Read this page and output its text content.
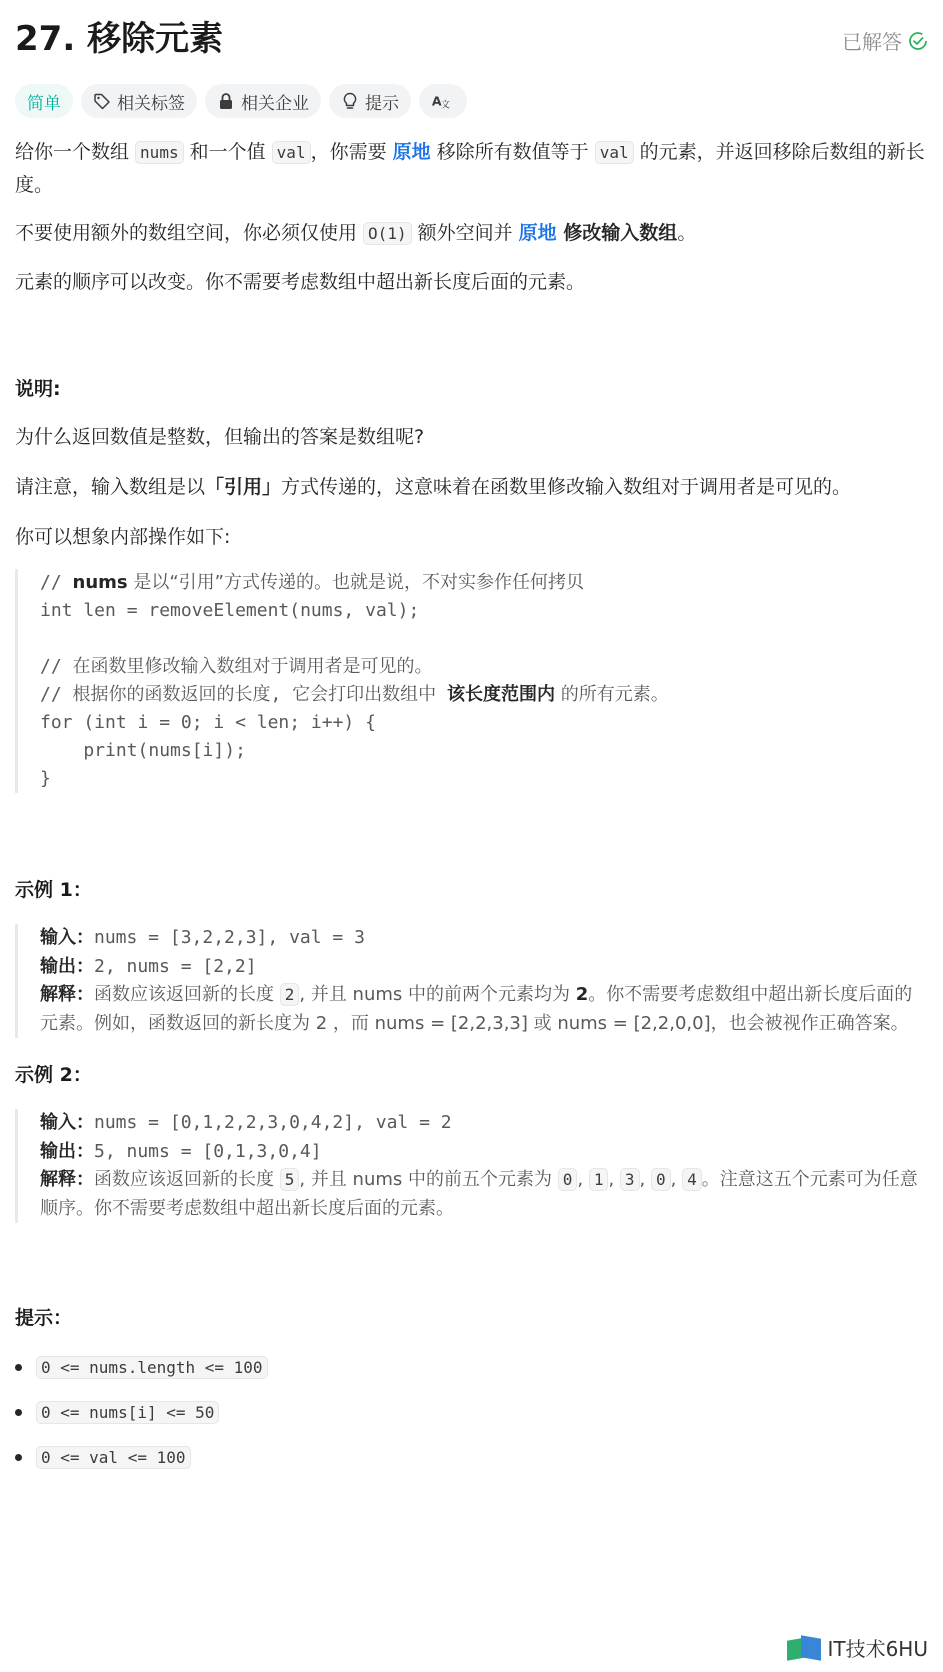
27. 移除元素	已解答
简单	相关标签	相关企业	提示 A 文
给你一个数组 nums 和一个值 val ，你需要 原地 移除所有数值等于 val 的元素，并返回移除后数组的新长度。
不要使用额外的数组空间，你必须仅使用 O(1) 额外空间并 原地 修改输入数组。
元素的顺序可以改变。你不需要考虑数组中超出新长度后面的元素。
说明:
为什么返回数值是整数，但输出的答案是数组呢?
请注意，输入数组是以「引用」方式传递的，这意味着在函数里修改输入数组对于调用者是可见的。
你可以想象内部操作如下:
// nums 是以“引用”方式传递的。也就是说，不对实参作任何拷贝
int len = removeElement(nums, val);

// 在函数里修改输入数组对于调用者是可见的。
// 根据你的函数返回的长度, 它会打印出数组中 该长度范围内 的所有元素。
for (int i = 0; i < len; i++) {
print(nums[i]);
}
示例 1：
输入：nums = [3,2,2,3], val = 3
输出：2, nums = [2,2]
解释：函数应该返回新的长度 2 , 并且 nums 中的前两个元素均为 2。你不需要考虑数组中超出新长度后面的元素。例如，函数返回的新长度为 2 ，而 nums = [2,2,3,3] 或 nums = [2,2,0,0]，也会被视作正确答案。
示例 2：
输入：nums = [0,1,2,2,3,0,4,2], val = 2
输出：5, nums = [0,1,3,0,4]
解释：函数应该返回新的长度 5 , 并且 nums 中的前五个元素为 0 , 1 , 3 , 0 , 4 。注意这五个元素可为任意顺序。你不需要考虑数组中超出新长度后面的元素。
提示：
0 <= nums.length <= 100
0 <= nums[i] <= 50
0 <= val <= 100
IT技术6HU
